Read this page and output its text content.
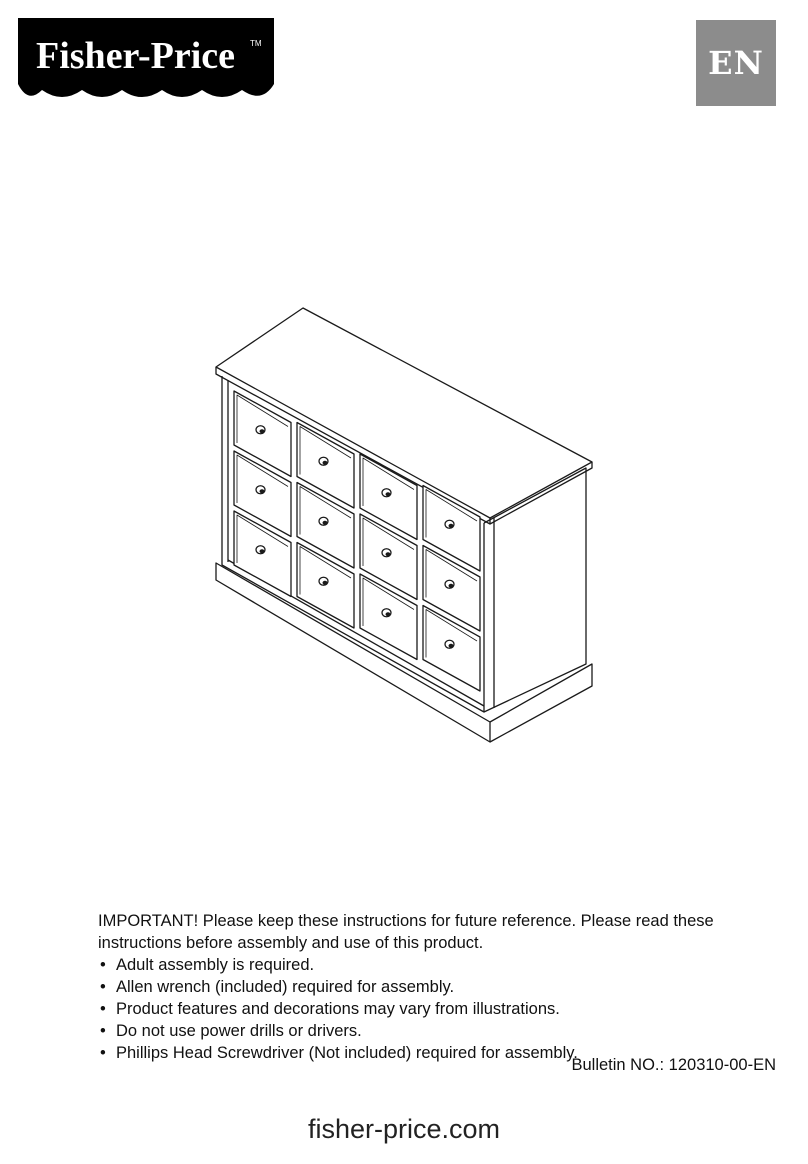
Fisher-Price TM
EN

IMPORTANT! Please keep these instructions for future reference. Please read these instructions before assembly and use of this product.

• Adult assembly is required.
• Allen wrench (included) required for assembly.
• Product features and decorations may vary from illustrations.
• Do not use power drills or drivers.
• Phillips Head Screwdriver (Not included) required for assembly.
Bulletin NO.: 120310-00-EN
fisher-price.com
